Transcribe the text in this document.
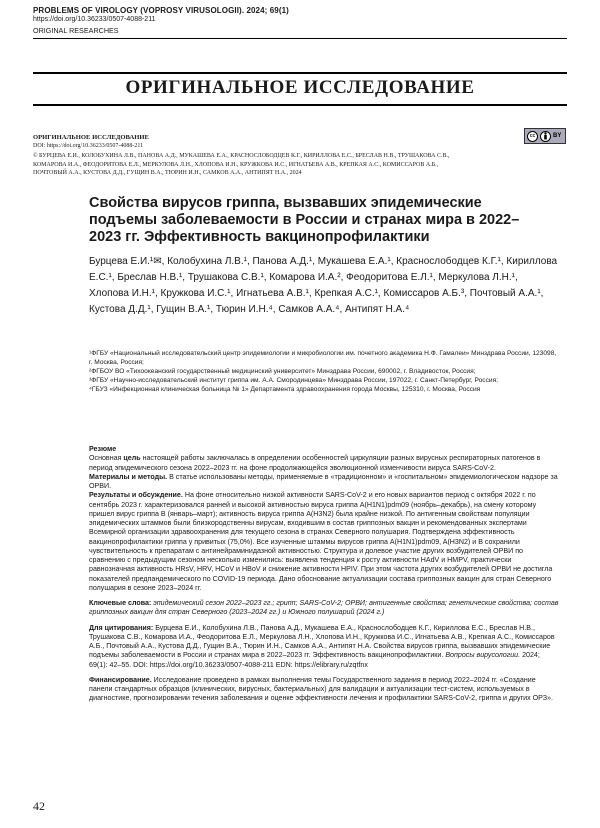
PROBLEMS OF VIROLOGY (VOPROSY VIRUSOLOGII). 2024; 69(1)
https://doi.org/10.36233/0507-4088-211
ORIGINAL RESEARCHES
ОРИГИНАЛЬНОЕ ИССЛЕДОВАНИЕ
ОРИГИНАЛЬНОЕ ИССЛЕДОВАНИЕ
DOI: https://doi.org/10.36233/0507-4088-211
© БУРЦЕВА Е.И., КОЛОБУХИНА Л.В., ПАНОВА А.Д., МУКАШЕВА Е.А., КРАСНОСЛОБОДЦЕВ К.Г., КИРИЛЛОВА Е.С., БРЕСЛАВ Н.В., ТРУШАКОВА С.В., КОМАРОВА И.А., ФЕОДОРИТОВА Е.Л., МЕРКУЛОВА Л.Н., ХЛОПОВА И.Н., КРУЖКОВА И.С., ИГНАТЬЕВА А.В., КРЕПКАЯ А.С., КОМИССАРОВ А.Б., ПОЧТОВЫЙ А.А., КУСТОВА Д.Д., ГУЩИН В.А., ТЮРИН И.Н., САМКОВ А.А., АНТИПЯТ Н.А., 2024
cc	BY
Свойства вирусов гриппа, вызвавших эпидемические подъемы заболеваемости в России и странах мира в 2022–2023 гг. Эффективность вакцинопрофилактики
Бурцева Е.И.¹✉, Колобухина Л.В.¹, Панова А.Д.¹, Мукашева Е.А.¹, Краснослободцев К.Г.¹, Кириллова Е.С.¹, Бреслав Н.В.¹, Трушакова С.В.¹, Комарова И.А.², Феодоритова Е.Л.¹, Меркулова Л.Н.¹, Хлопова И.Н.¹, Кружкова И.С.¹, Игнатьева А.В.¹, Крепкая А.С.¹, Комиссаров А.Б.³, Почтовый А.А.¹, Кустова Д.Д.¹, Гущин В.А.¹, Тюрин И.Н.⁴, Самков А.А.⁴, Антипят Н.А.⁴
¹ФГБУ «Национальный исследовательский центр эпидемиологии и микробиологии им. почетного академика Н.Ф. Гамалеи» Минздрава России, 123098, г. Москва, Россия;
²ФГБОУ ВО «Тихоокеанский государственный медицинский университет» Минздрава России, 690002, г. Владивосток, Россия;
³ФГБУ «Научно-исследовательский институт гриппа им. А.А. Смородинцева» Минздрава России, 197022, г. Санкт-Петербург, Россия;
⁴ГБУЗ «Инфекционная клиническая больница № 1» Департамента здравоохранения города Москвы, 125310, г. Москва, Россия

Резюме

Основная цель настоящей работы заключалась в определении особенностей циркуляции разных вирусных респираторных патогенов в период эпидемического сезона 2022–2023 гг. на фоне продолжающейся эволюционной изменчивости вируса SARS-CoV-2.

Материалы и методы. В статье использованы методы, применяемые в «традиционном» и «госпитальном» эпидемиологическом надзоре за ОРВИ.

Результаты и обсуждение. На фоне относительно низкой активности SARS-CoV-2 и его новых вариантов период с октября 2022 г. по сентябрь 2023 г. характеризовался ранней и высокой активностью вируса гриппа A(H1N1)pdm09 (ноябрь–декабрь), на смену которому пришел вирус гриппа B (январь–март); активность вируса гриппа A(H3N2) была крайне низкой. По антигенным свойствам популяции эпидемических штаммов были близкородственны вирусам, входившим в состав гриппозных вакцин и рекомендованных экспертами Всемирной организации здравоохранения для текущего сезона в странах Северного полушария. Подтверждена эффективность вакцинопрофилактики гриппа у привитых (75,0%). Все изученные штаммы вирусов гриппа A(H1N1)pdm09, A(H3N2) и B сохранили чувствительность к препаратам с антинейраминидазной активностью. Структура и долевое участие других возбудителей ОРВИ по сравнению с предыдущим сезоном несколько изменились: выявлена тенденция к росту активности HAdV и HMPV, практически равнозначная активность HRsV, HRV, HCoV и HBoV и снижение активности HPIV. При этом частота других возбудителей ОРВИ не достигла показателей предпандемического по COVID-19 периода. Дано обоснование актуализации состава гриппозных вакцин для стран Северного полушария в сезоне 2023–2024 гг.

Ключевые слова: эпидемический сезон 2022–2023 гг.; грипп; SARS-CoV-2; ОРВИ; антигенные свойства; генетические свойства; состав гриппозных вакцин для стран Северного (2023–2024 гг.) и Южного полушарий (2024 г.)

Для цитирования: Бурцева Е.И., Колобухина Л.В., Панова А.Д., Мукашева Е.А., Краснослободцев К.Г., Кириллова Е.С., Бреслав Н.В., Трушакова С.В., Комарова И.А., Феодоритова Е.Л., Меркулова Л.Н., Хлопова И.Н., Кружкова И.С., Игнатьева А.В., Крепкая А.С., Комиссаров А.Б., Почтовый А.А., Кустова Д.Д., Гущин В.А., Тюрин И.Н., Самков А.А., Антипят Н.А. Свойства вирусов гриппа, вызвавших эпидемические подъемы заболеваемости в России и странах мира в 2022–2023 гг. Эффективность вакцинопрофилактики. Вопросы вирусологии. 2024; 69(1): 42–55. DOI: https://doi.org/10.36233/0507-4088-211 EDN: https://elibrary.ru/zqtfnx

Финансирование. Исследование проведено в рамках выполнения темы Государственного задания в период 2022–2024 гг. «Создание панели стандартных образцов (клинических, вирусных, бактериальных) для валидации и актуализации тест-систем, используемых в диагностике, прогнозировании течения заболевания и оценке эффективности лечения и профилактики SARS-CoV-2, гриппа и других ОРЗ».

42
